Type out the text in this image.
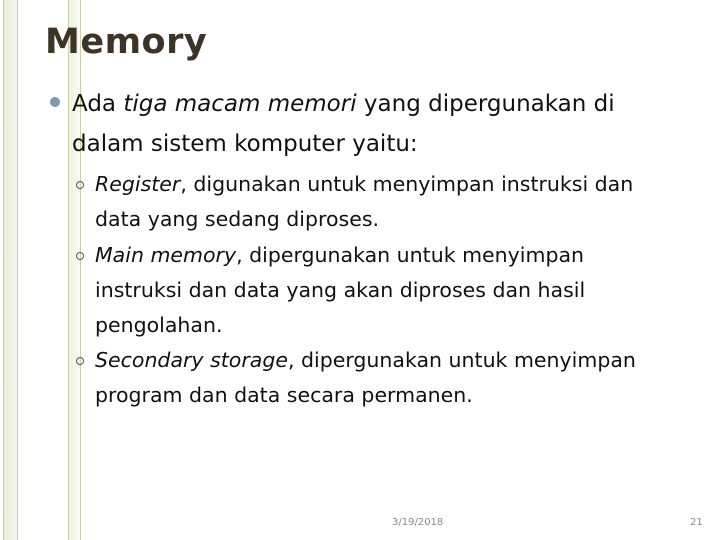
Memory
Ada tiga macam memori yang dipergunakan di
dalam sistem komputer yaitu:
Register, digunakan untuk menyimpan instruksi dan
data yang sedang diproses.
Main memory, dipergunakan untuk menyimpan
instruksi dan data yang akan diproses dan hasil
pengolahan.
Secondary storage, dipergunakan untuk menyimpan
program dan data secara permanen.
3/19/2018	21
